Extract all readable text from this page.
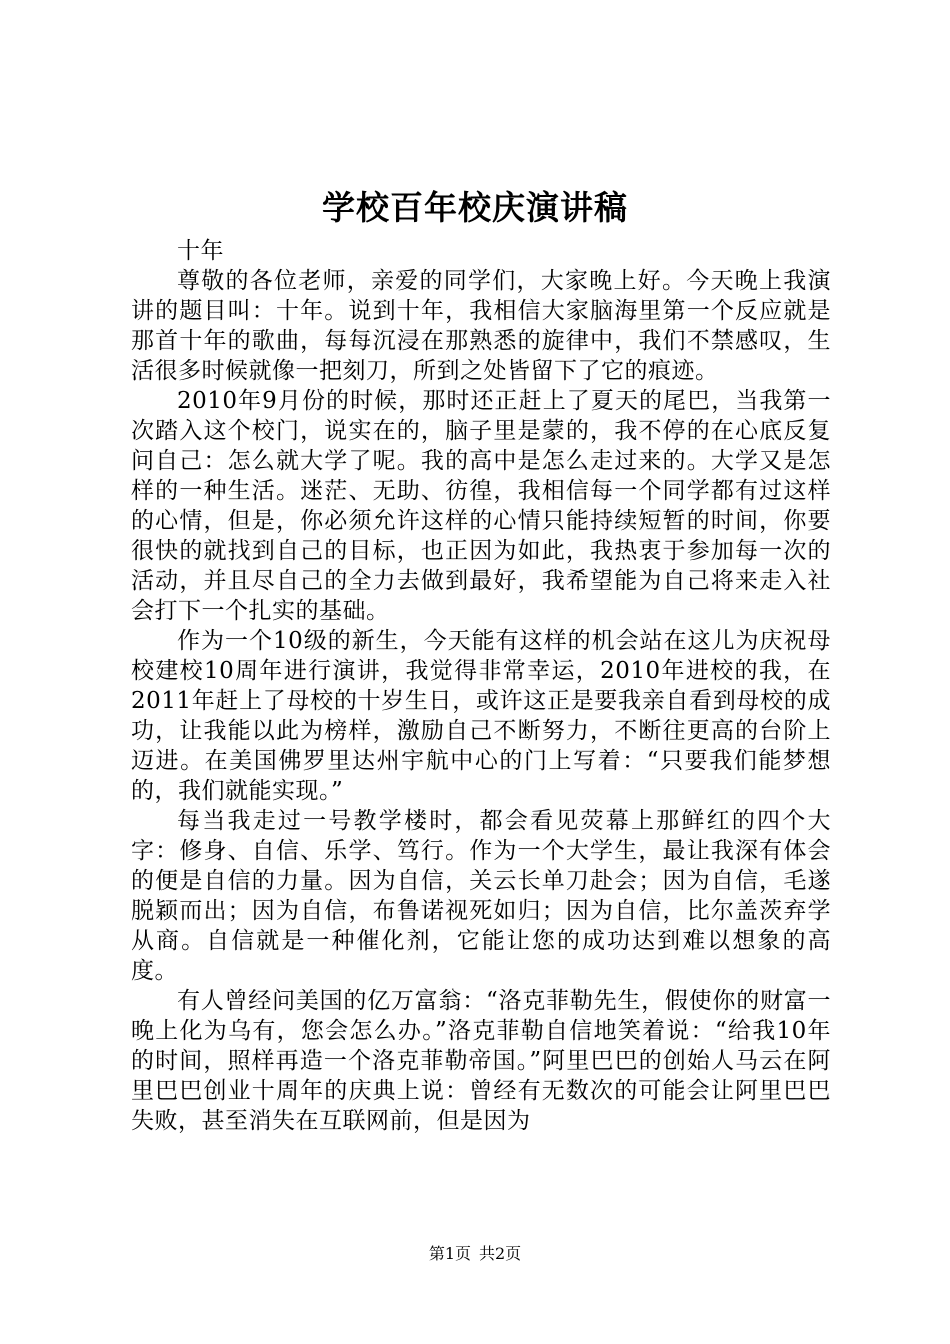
学校百年校庆演讲稿

十年

尊敬的各位老师，亲爱的同学们，大家晚上好。今天晚上我演讲的题目叫：十年。说到十年，我相信大家脑海里第一个反应就是那首十年的歌曲，每每沉浸在那熟悉的旋律中，我们不禁感叹，生活很多时候就像一把刻刀，所到之处皆留下了它的痕迹。

2010年9月份的时候，那时还正赶上了夏天的尾巴，当我第一次踏入这个校门，说实在的，脑子里是蒙的，我不停的在心底反复问自己：怎么就大学了呢。我的高中是怎么走过来的。大学又是怎样的一种生活。迷茫、无助、彷徨，我相信每一个同学都有过这样的心情，但是，你必须允许这样的心情只能持续短暂的时间，你要很快的就找到自己的目标，也正因为如此，我热衷于参加每一次的活动，并且尽自己的全力去做到最好，我希望能为自己将来走入社会打下一个扎实的基础。

作为一个10级的新生，今天能有这样的机会站在这儿为庆祝母校建校10周年进行演讲，我觉得非常幸运，2010年进校的我，在2011年赶上了母校的十岁生日，或许这正是要我亲自看到母校的成功，让我能以此为榜样，激励自己不断努力，不断往更高的台阶上迈进。在美国佛罗里达州宇航中心的门上写着：“只要我们能梦想的，我们就能实现。”

每当我走过一号教学楼时，都会看见荧幕上那鲜红的四个大字：修身、自信、乐学、笃行。作为一个大学生，最让我深有体会的便是自信的力量。因为自信，关云长单刀赴会；因为自信，毛遂脱颖而出；因为自信，布鲁诺视死如归；因为自信，比尔盖茨弃学从商。自信就是一种催化剂，它能让您的成功达到难以想象的高度。

有人曾经问美国的亿万富翁：“洛克菲勒先生，假使你的财富一晚上化为乌有，您会怎么办。”洛克菲勒自信地笑着说：“给我10年的时间，照样再造一个洛克菲勒帝国。”阿里巴巴的创始人马云在阿里巴巴创业十周年的庆典上说：曾经有无数次的可能会让阿里巴巴失败，甚至消失在互联网前，但是因为

第1页 共2页
